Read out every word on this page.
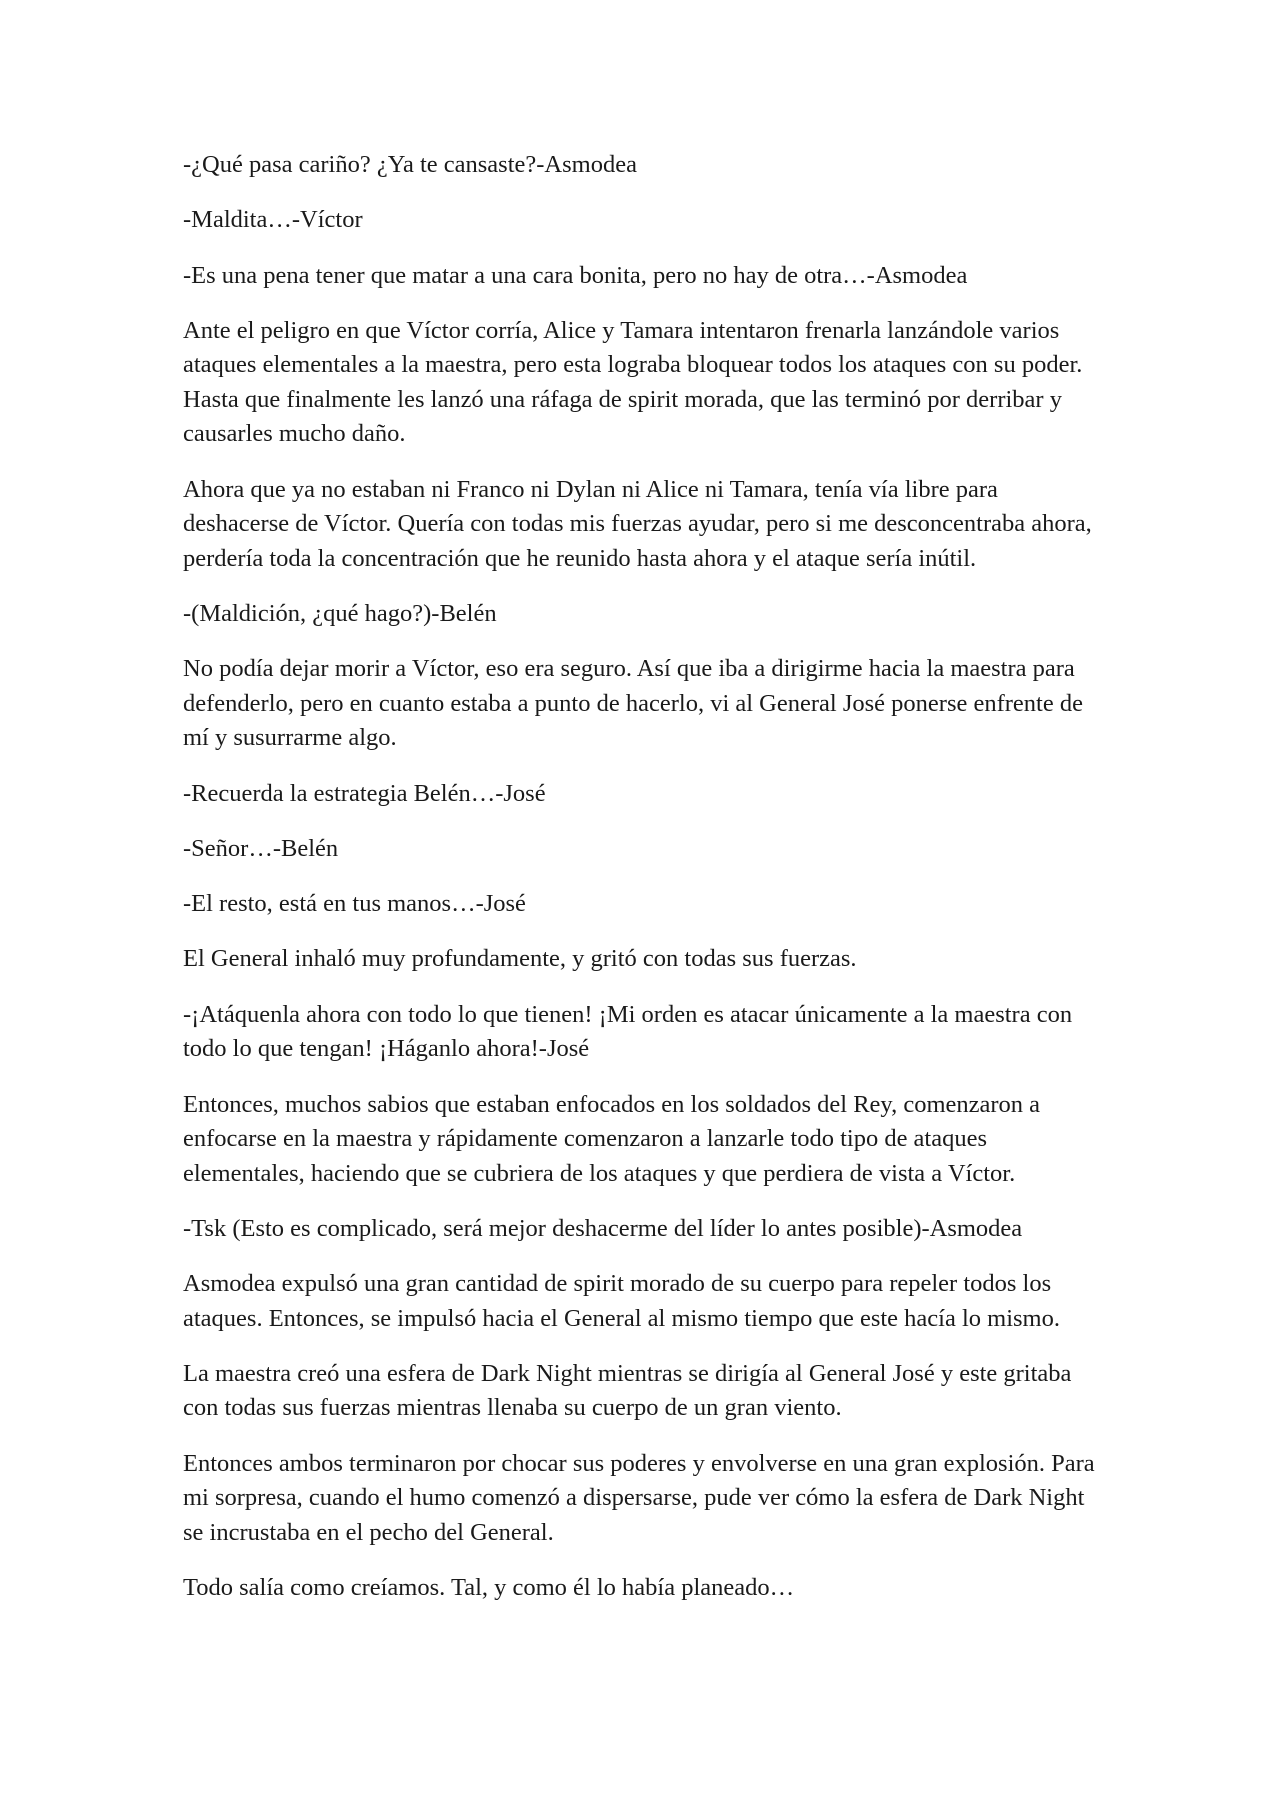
-¿Qué pasa cariño? ¿Ya te cansaste?-Asmodea

-Maldita…-Víctor

-Es una pena tener que matar a una cara bonita, pero no hay de otra…-Asmodea

Ante el peligro en que Víctor corría, Alice y Tamara intentaron frenarla lanzándole varios ataques elementales a la maestra, pero esta lograba bloquear todos los ataques con su poder. Hasta que finalmente les lanzó una ráfaga de spirit morada, que las terminó por derribar y causarles mucho daño.

Ahora que ya no estaban ni Franco ni Dylan ni Alice ni Tamara, tenía vía libre para deshacerse de Víctor. Quería con todas mis fuerzas ayudar, pero si me desconcentraba ahora, perdería toda la concentración que he reunido hasta ahora y el ataque sería inútil.

-(Maldición, ¿qué hago?)-Belén

No podía dejar morir a Víctor, eso era seguro. Así que iba a dirigirme hacia la maestra para defenderlo, pero en cuanto estaba a punto de hacerlo, vi al General José ponerse enfrente de mí y susurrarme algo.

-Recuerda la estrategia Belén…-José

-Señor…-Belén

-El resto, está en tus manos…-José

El General inhaló muy profundamente, y gritó con todas sus fuerzas.

-¡Atáquenla ahora con todo lo que tienen! ¡Mi orden es atacar únicamente a la maestra con todo lo que tengan! ¡Háganlo ahora!-José

Entonces, muchos sabios que estaban enfocados en los soldados del Rey, comenzaron a enfocarse en la maestra y rápidamente comenzaron a lanzarle todo tipo de ataques elementales, haciendo que se cubriera de los ataques y que perdiera de vista a Víctor.

-Tsk (Esto es complicado, será mejor deshacerme del líder lo antes posible)-Asmodea

Asmodea expulsó una gran cantidad de spirit morado de su cuerpo para repeler todos los ataques. Entonces, se impulsó hacia el General al mismo tiempo que este hacía lo mismo.

La maestra creó una esfera de Dark Night mientras se dirigía al General José y este gritaba con todas sus fuerzas mientras llenaba su cuerpo de un gran viento.

Entonces ambos terminaron por chocar sus poderes y envolverse en una gran explosión. Para mi sorpresa, cuando el humo comenzó a dispersarse, pude ver cómo la esfera de Dark Night se incrustaba en el pecho del General.

Todo salía como creíamos. Tal, y como él lo había planeado…
